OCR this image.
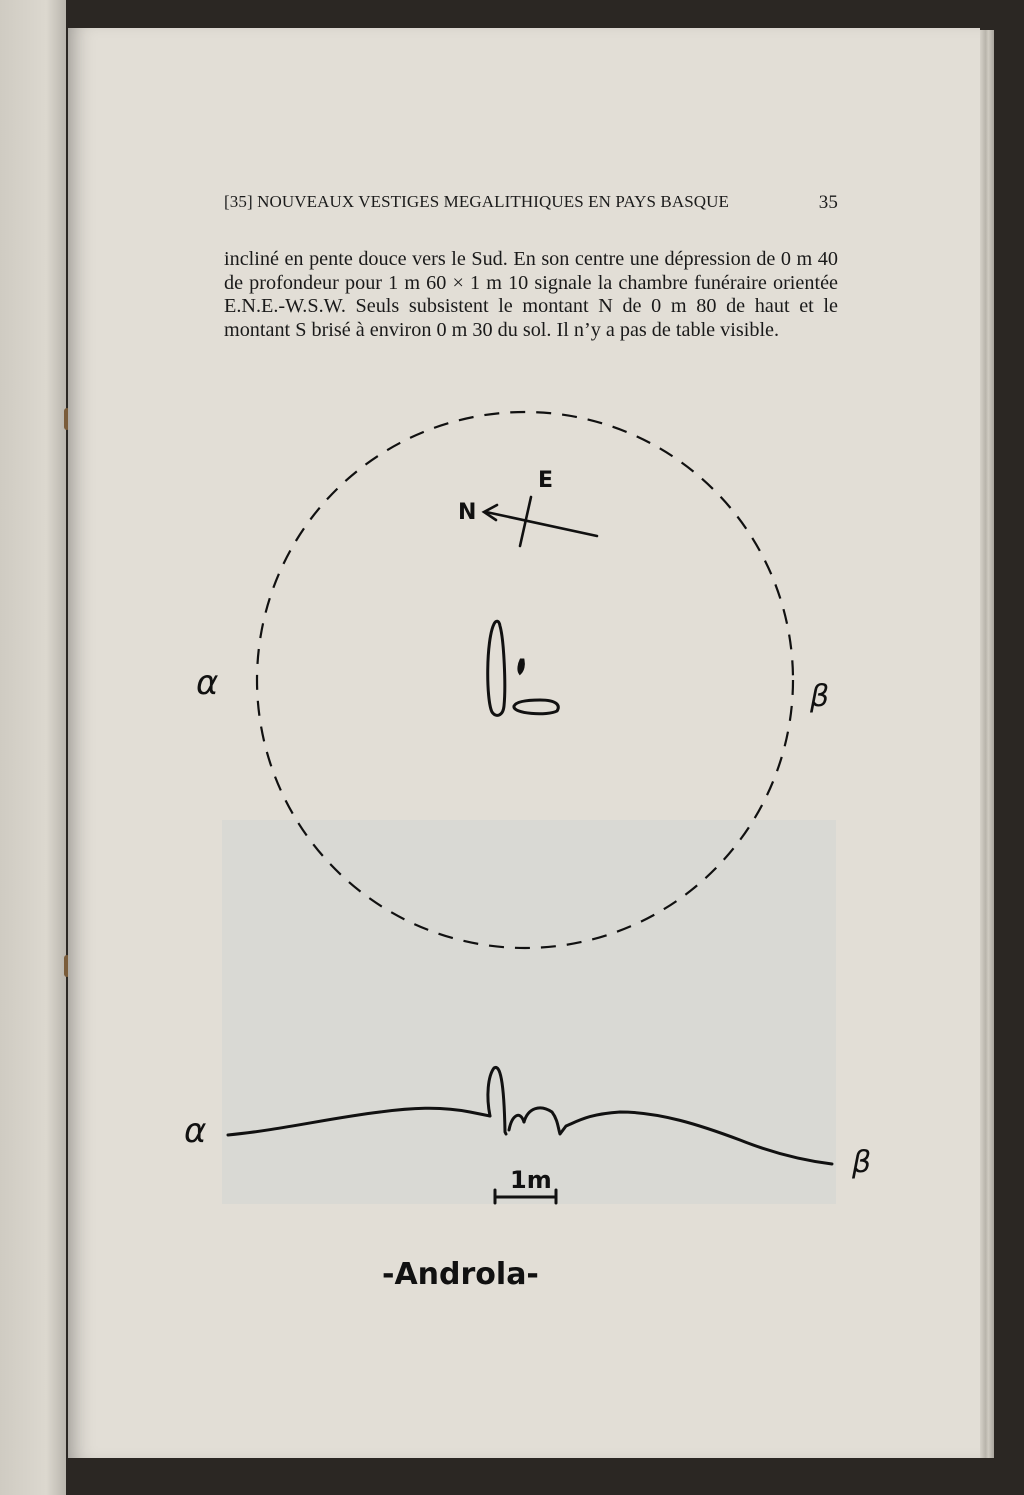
[35] NOUVEAUX VESTIGES MEGALITHIQUES EN PAYS BASQUE	35

incliné en pente douce vers le Sud. En son centre une dépression de 0 m 40 de profondeur pour 1 m 60 × 1 m 10 signale la chambre funéraire orientée E.N.E.-W.S.W. Seuls subsistent le montant N de 0 m 80 de haut et le montant S brisé à environ 0 m 30 du sol. Il n’y a pas de table visible.

N
E
α	β
α
β
1m
-Androla-
